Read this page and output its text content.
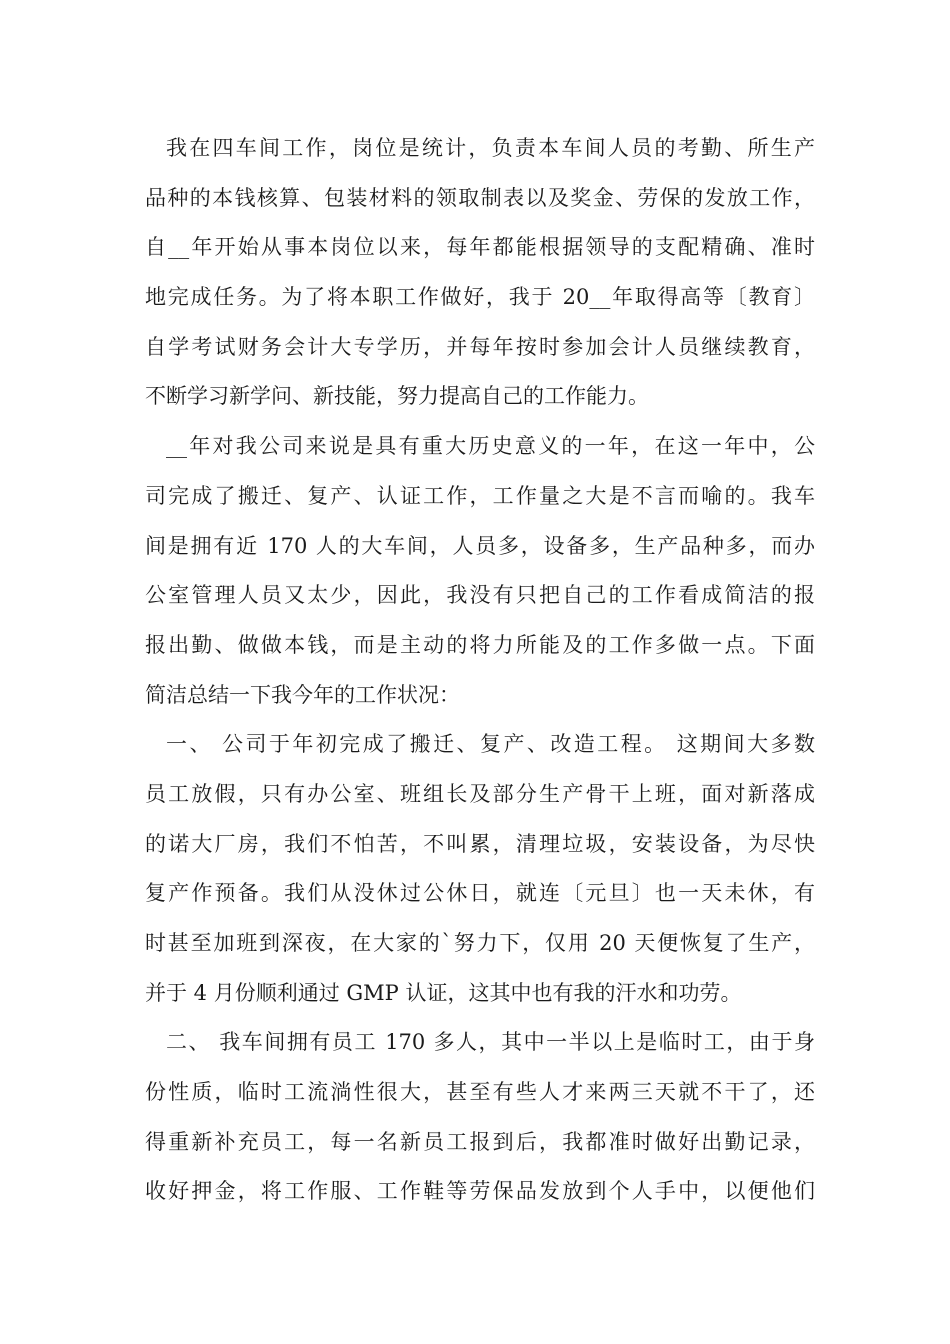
我在四车间工作，岗位是统计，负责本车间人员的考勤、所生产
品种的本钱核算、包装材料的领取制表以及奖金、劳保的发放工作，
自__年开始从事本岗位以来，每年都能根据领导的支配精确、准时
地完成任务。为了将本职工作做好，我于 20__年取得高等〔教育〕
自学考试财务会计大专学历，并每年按时参加会计人员继续教育，
不断学习新学问、新技能，努力提高自己的工作能力。
__年对我公司来说是具有重大历史意义的一年，在这一年中，公
司完成了搬迁、复产、认证工作，工作量之大是不言而喻的。我车
间是拥有近 170 人的大车间，人员多，设备多，生产品种多，而办
公室管理人员又太少，因此，我没有只把自己的工作看成简洁的报
报出勤、做做本钱，而是主动的将力所能及的工作多做一点。下面
简洁总结一下我今年的工作状况：
一、 公司于年初完成了搬迁、复产、改造工程。 这期间大多数
员工放假，只有办公室、班组长及部分生产骨干上班，面对新落成
的诺大厂房，我们不怕苦，不叫累，清理垃圾，安装设备，为尽快
复产作预备。我们从没休过公休日，就连〔元旦〕也一天未休，有
时甚至加班到深夜，在大家的`努力下，仅用 20 天便恢复了生产，
并于 4 月份顺利通过 GMP 认证，这其中也有我的汗水和功劳。
二、 我车间拥有员工 170 多人，其中一半以上是临时工，由于身
份性质，临时工流淌性很大，甚至有些人才来两三天就不干了，还
得重新补充员工，每一名新员工报到后，我都准时做好出勤记录，
收好押金，将工作服、工作鞋等劳保品发放到个人手中，以便他们
